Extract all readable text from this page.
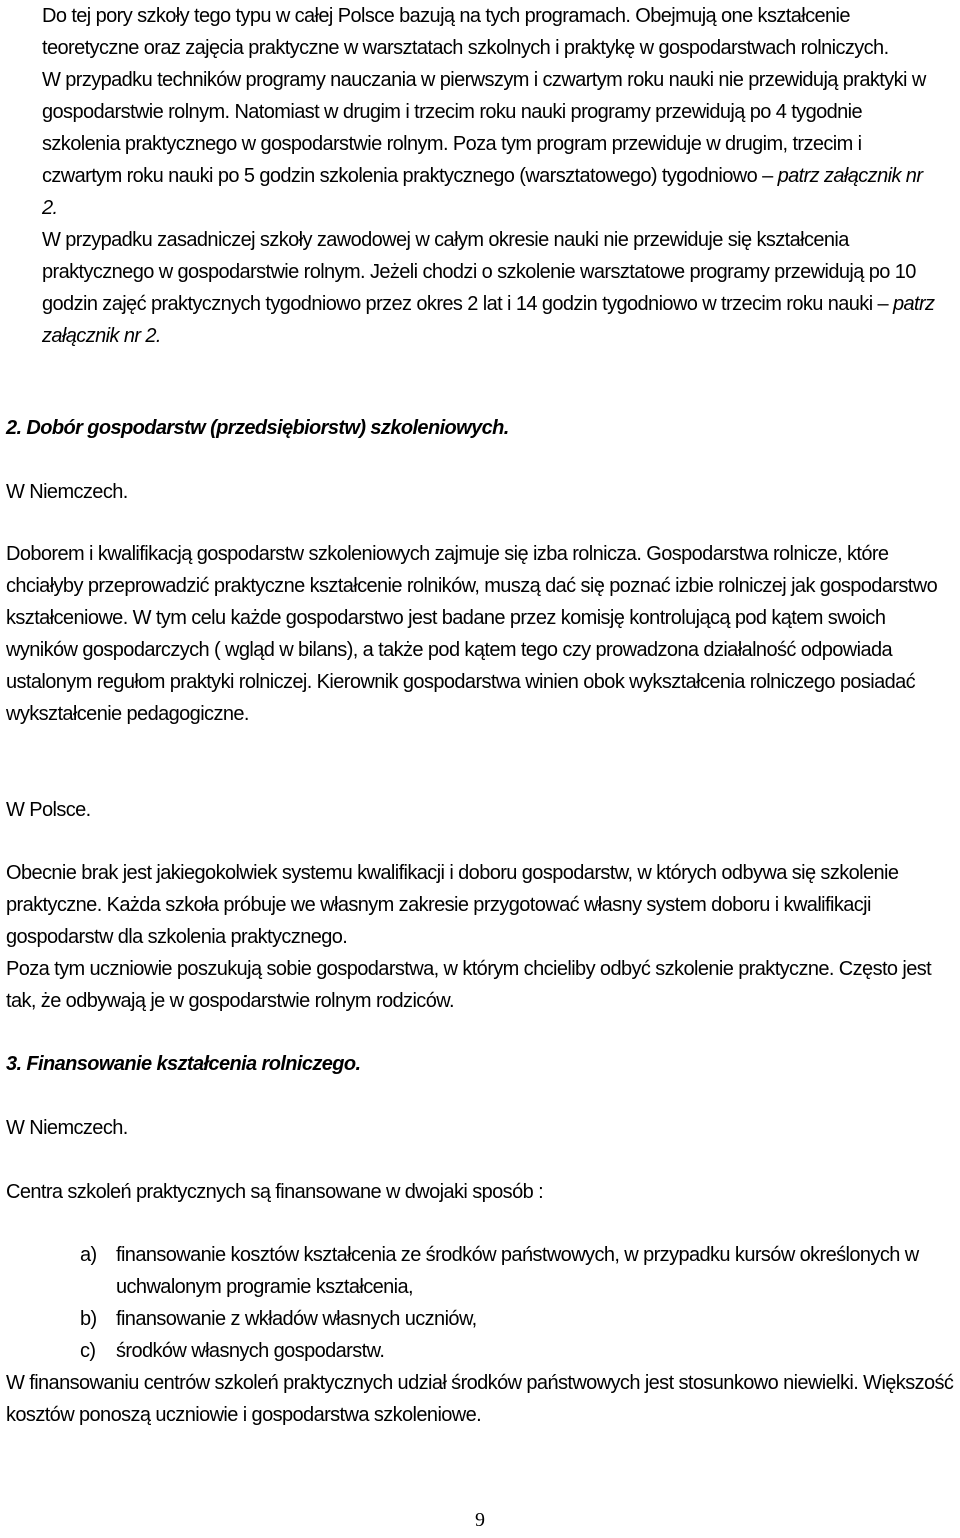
Do tej pory szkoły tego typu w całej Polsce bazują na tych programach. Obejmują one kształcenie teoretyczne oraz zajęcia praktyczne w warsztatach szkolnych i praktykę w gospodarstwach rolniczych.

W przypadku techników programy nauczania w pierwszym i czwartym roku nauki nie przewidują praktyki w gospodarstwie rolnym. Natomiast w drugim i trzecim roku nauki programy przewidują po 4 tygodnie szkolenia praktycznego w gospodarstwie rolnym. Poza tym program przewiduje w drugim, trzecim i czwartym roku nauki po 5 godzin szkolenia praktycznego (warsztatowego) tygodniowo – patrz załącznik nr 2.

W przypadku zasadniczej szkoły zawodowej w całym okresie nauki nie przewiduje się kształcenia praktycznego w gospodarstwie rolnym. Jeżeli chodzi o szkolenie warsztatowe programy przewidują po 10 godzin zajęć praktycznych tygodniowo przez okres 2 lat i 14 godzin tygodniowo w trzecim roku nauki – patrz załącznik nr 2.

2. Dobór gospodarstw (przedsiębiorstw) szkoleniowych.

W Niemczech.

Doborem i kwalifikacją gospodarstw szkoleniowych zajmuje się izba rolnicza. Gospodarstwa rolnicze, które chciałyby przeprowadzić praktyczne kształcenie rolników, muszą dać się poznać izbie rolniczej jak gospodarstwo kształceniowe. W tym celu każde gospodarstwo jest badane przez komisję kontrolującą pod kątem swoich wyników gospodarczych ( wgląd w bilans), a także pod kątem tego czy prowadzona działalność odpowiada ustalonym regułom praktyki rolniczej. Kierownik gospodarstwa winien obok wykształcenia rolniczego posiadać wykształcenie pedagogiczne.

W Polsce.

Obecnie brak jest jakiegokolwiek systemu kwalifikacji i doboru gospodarstw, w których odbywa się szkolenie praktyczne. Każda szkoła próbuje we własnym zakresie przygotować własny system doboru i kwalifikacji gospodarstw dla szkolenia praktycznego.

Poza tym uczniowie poszukują sobie gospodarstwa, w którym chcieliby odbyć szkolenie praktyczne. Często jest tak, że odbywają je w gospodarstwie rolnym rodziców.

3. Finansowanie kształcenia rolniczego.

W Niemczech.

Centra szkoleń praktycznych są finansowane w dwojaki sposób :

a) finansowanie kosztów kształcenia ze środków państwowych, w przypadku kursów określonych w uchwalonym programie kształcenia,
b) finansowanie z wkładów własnych uczniów,
c) środków własnych gospodarstw.

W finansowaniu centrów szkoleń praktycznych udział środków państwowych jest stosunkowo niewielki. Większość kosztów ponoszą uczniowie i gospodarstwa szkoleniowe.

9
